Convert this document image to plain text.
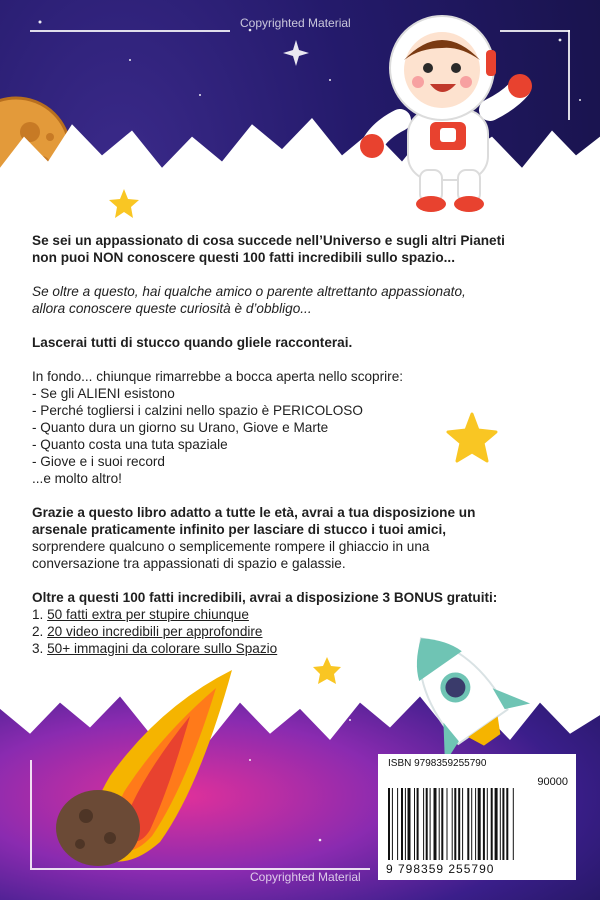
Copyrighted Material

Se sei un appassionato di cosa succede nell’Universo e sugli altri Pianeti
non puoi NON conoscere questi 100 fatti incredibili sullo spazio...

Se oltre a questo, hai qualche amico o parente altrettanto appassionato,
allora conoscere queste curiosità è d’obbligo...

Lascerai tutti di stucco quando gliele racconterai.

In fondo... chiunque rimarrebbe a bocca aperta nello scoprire:
- Se gli ALIENI esistono
- Perché togliersi i calzini nello spazio è PERICOLOSO
- Quanto dura un giorno su Urano, Giove e Marte
- Quanto costa una tuta spaziale
- Giove e i suoi record
...e molto altro!

Grazie a questo libro adatto a tutte le età, avrai a tua disposizione un
arsenale praticamente infinito per lasciare di stucco i tuoi amici,
sorprendere qualcuno o semplicemente rompere il ghiaccio in una
conversazione tra appassionati di spazio e galassie.

Oltre a questi 100 fatti incredibili, avrai a disposizione 3 BONUS gratuiti:
1. 50 fatti extra per stupire chiunque
2. 20 video incredibili per approfondire
3. 50+ immagini da colorare sullo Spazio

ISBN 9798359255790
90000
9 798359 255790
Copyrighted Material
